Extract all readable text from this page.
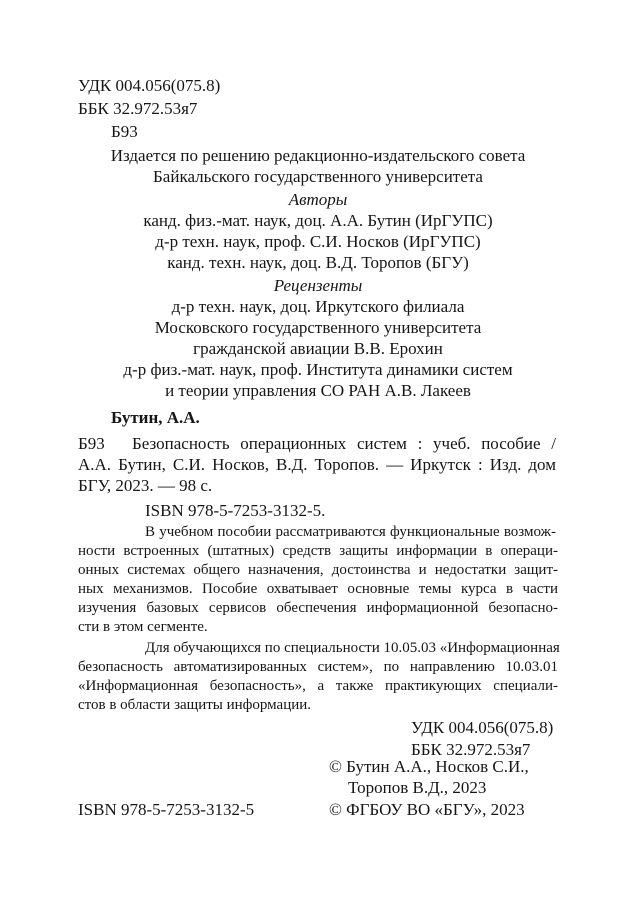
УДК 004.056(075.8)
ББК 32.972.53я7
Б93
Издается по решению редакционно-издательского совета
Байкальского государственного университета
Авторы
канд. физ.-мат. наук, доц. А.А. Бутин (ИрГУПС)
д-р техн. наук, проф. С.И. Носков (ИрГУПС)
канд. техн. наук, доц. В.Д. Торопов (БГУ)
Рецензенты
д-р техн. наук, доц. Иркутского филиала
Московского государственного университета
гражданской авиации В.В. Ерохин
д-р физ.-мат. наук, проф. Института динамики систем
и теории управления СО РАН А.В. Лакеев
Бутин, А.А.
Б93 Безопасность операционных систем : учеб. пособие /
А.А. Бутин, С.И. Носков, В.Д. Торопов. — Иркутск : Изд. дом
БГУ, 2023. — 98 с.
ISBN 978-5-7253-3132-5.
В учебном пособии рассматриваются функциональные возмож-
ности встроенных (штатных) средств защиты информации в операци-
онных системах общего назначения, достоинства и недостатки защит-
ных механизмов. Пособие охватывает основные темы курса в части
изучения базовых сервисов обеспечения информационной безопасно-
сти в этом сегменте.
Для обучающихся по специальности 10.05.03 «Информационная
безопасность автоматизированных систем», по направлению 10.03.01
«Информационная безопасность», а также практикующих специали-
стов в области защиты информации.
УДК 004.056(075.8)
ББК 32.972.53я7
© Бутин А.А., Носков С.И.,
Торопов В.Д., 2023
ISBN 978-5-7253-3132-5	© ФГБОУ ВО «БГУ», 2023
